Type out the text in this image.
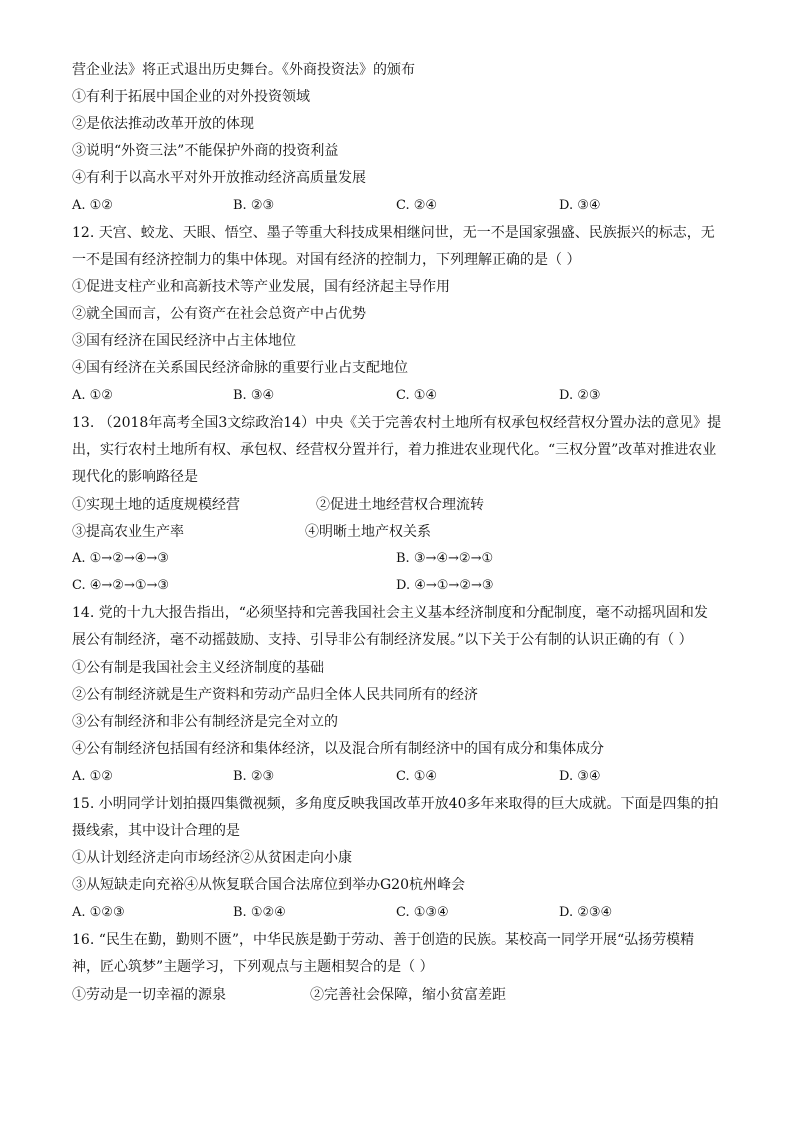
营企业法》将正式退出历史舞台。《外商投资法》的颁布
①有利于拓展中国企业的对外投资领域
②是依法推动改革开放的体现
③说明“外资三法”不能保护外商的投资利益
④有利于以高水平对外开放推动经济高质量发展
A. ①②	B. ②③	C. ②④	D. ③④
12. 天宫、蛟龙、天眼、悟空、墨子等重大科技成果相继问世，无一不是国家强盛、民族振兴的标志，无
一不是国有经济控制力的集中体现。对国有经济的控制力，下列理解正确的是（ ）
①促进支柱产业和高新技术等产业发展，国有经济起主导作用
②就全国而言，公有资产在社会总资产中占优势
③国有经济在国民经济中占主体地位
④国有经济在关系国民经济命脉的重要行业占支配地位
A. ①②	B. ③④	C. ①④	D. ②③
13. （2018年高考全国3文综政治14）中央《关于完善农村土地所有权承包权经营权分置办法的意见》提
出，实行农村土地所有权、承包权、经营权分置并行，着力推进农业现代化。“三权分置”改革对推进农业
现代化的影响路径是
①实现土地的适度规模经营	②促进土地经营权合理流转
③提高农业生产率	④明晰土地产权关系
A. ①→②→④→③	B. ③→④→②→①
C. ④→②→①→③	D. ④→①→②→③
14. 党的十九大报告指出，“必须坚持和完善我国社会主义基本经济制度和分配制度，毫不动摇巩固和发
展公有制经济，毫不动摇鼓励、支持、引导非公有制经济发展。”以下关于公有制的认识正确的有（ ）
①公有制是我国社会主义经济制度的基础
②公有制经济就是生产资料和劳动产品归全体人民共同所有的经济
③公有制经济和非公有制经济是完全对立的
④公有制经济包括国有经济和集体经济，以及混合所有制经济中的国有成分和集体成分
A. ①②	B. ②③	C. ①④	D. ③④
15. 小明同学计划拍摄四集微视频，多角度反映我国改革开放40多年来取得的巨大成就。下面是四集的拍
摄线索，其中设计合理的是
①从计划经济走向市场经济②从贫困走向小康
③从短缺走向充裕④从恢复联合国合法席位到举办G20杭州峰会
A. ①②③	B. ①②④	C. ①③④	D. ②③④
16. “民生在勤，勤则不匮”，中华民族是勤于劳动、善于创造的民族。某校高一同学开展“弘扬劳模精
神，匠心筑梦”主题学习，下列观点与主题相契合的是（ ）
①劳动是一切幸福的源泉	②完善社会保障，缩小贫富差距
